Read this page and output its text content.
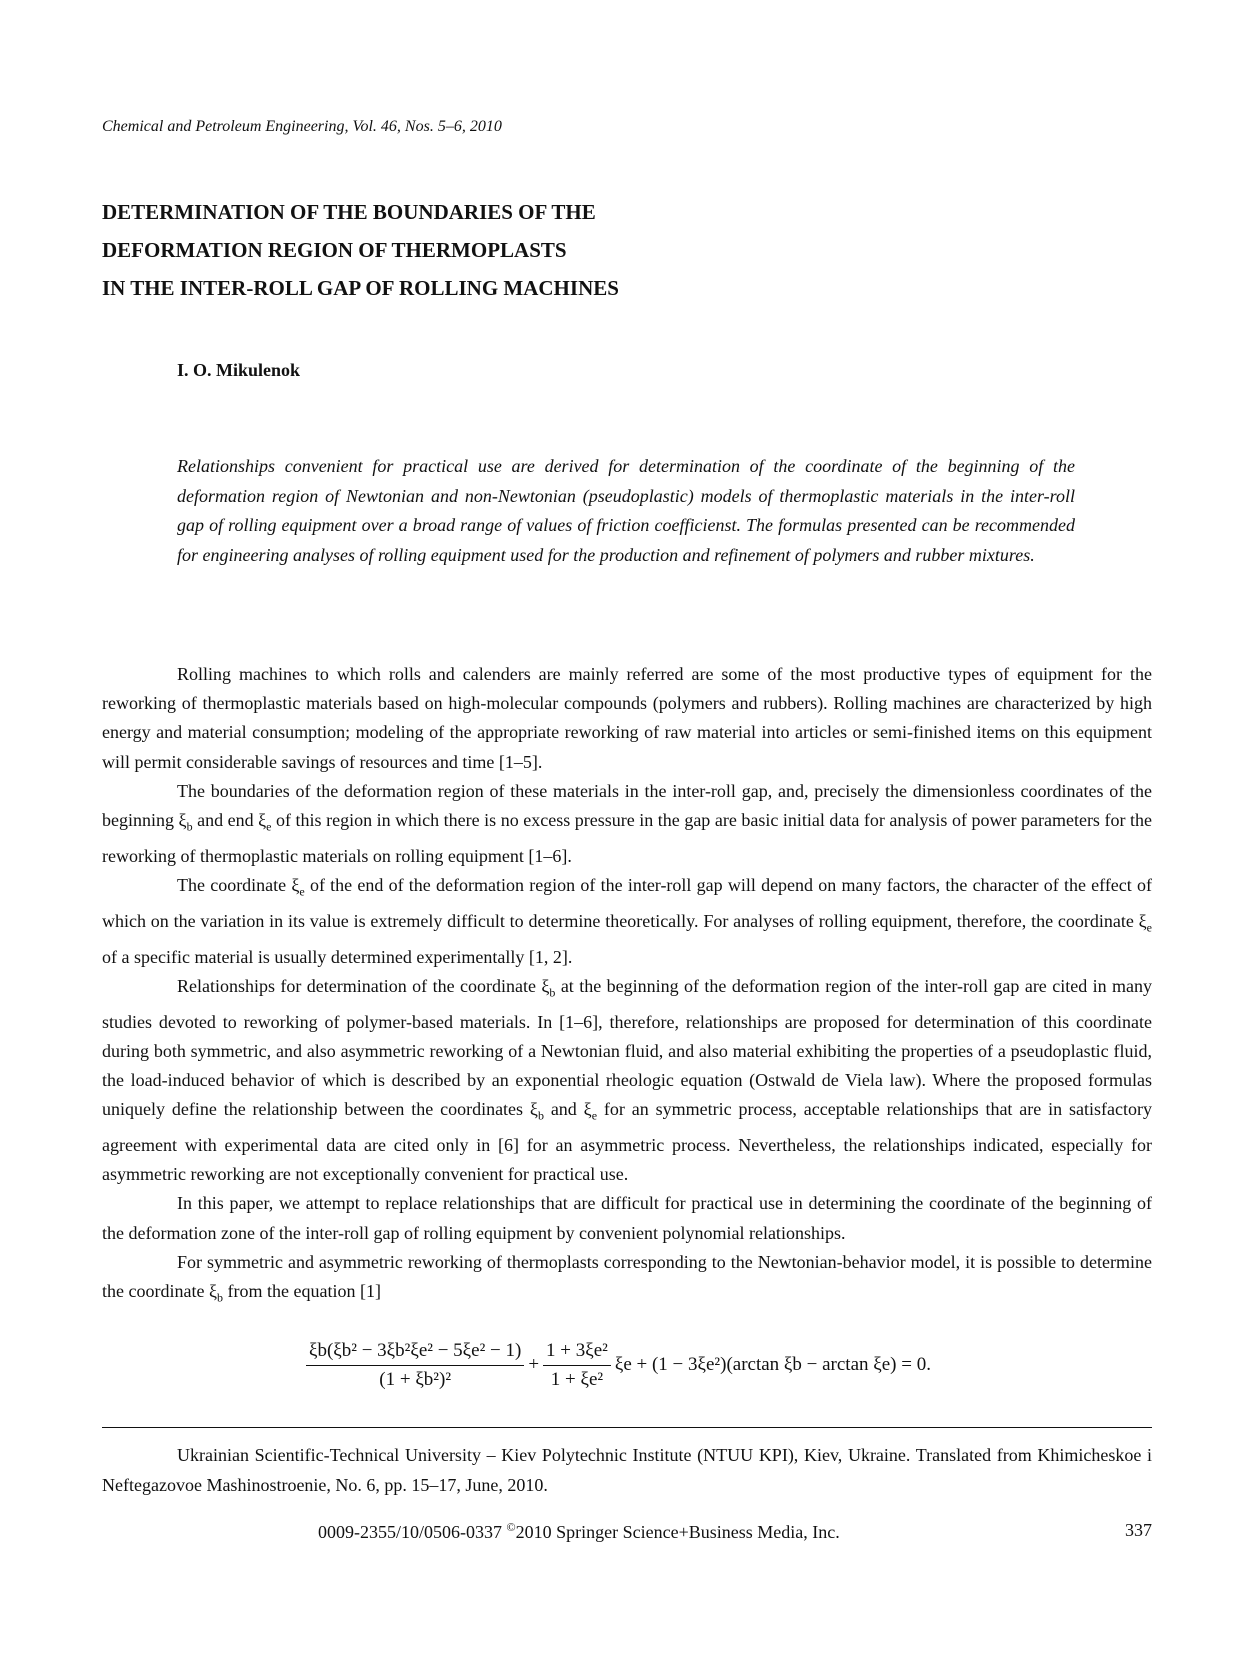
Chemical and Petroleum Engineering, Vol. 46, Nos. 5–6, 2010
DETERMINATION OF THE BOUNDARIES OF THE
DEFORMATION REGION OF THERMOPLASTS
IN THE INTER-ROLL GAP OF ROLLING MACHINES
I. O. Mikulenok
Relationships convenient for practical use are derived for determination of the coordinate of the beginning of the deformation region of Newtonian and non-Newtonian (pseudoplastic) models of thermoplastic materials in the inter-roll gap of rolling equipment over a broad range of values of friction coefficienst. The formulas presented can be recommended for engineering analyses of rolling equipment used for the production and refinement of polymers and rubber mixtures.

Rolling machines to which rolls and calenders are mainly referred are some of the most productive types of equipment for the reworking of thermoplastic materials based on high-molecular compounds (polymers and rubbers). Rolling machines are characterized by high energy and material consumption; modeling of the appropriate reworking of raw material into articles or semi-finished items on this equipment will permit considerable savings of resources and time [1–5].

The boundaries of the deformation region of these materials in the inter-roll gap, and, precisely the dimensionless coordinates of the beginning $\xi_b$ and end $\xi_e$ of this region in which there is no excess pressure in the gap are basic initial data for analysis of power parameters for the reworking of thermoplastic materials on rolling equipment [1–6].

The coordinate $\xi_e$ of the end of the deformation region of the inter-roll gap will depend on many factors, the character of the effect of which on the variation in its value is extremely difficult to determine theoretically. For analyses of rolling equipment, therefore, the coordinate $\xi_e$ of a specific material is usually determined experimentally [1, 2].

Relationships for determination of the coordinate $\xi_b$ at the beginning of the deformation region of the inter-roll gap are cited in many studies devoted to reworking of polymer-based materials. In [1–6], therefore, relationships are proposed for determination of this coordinate during both symmetric, and also asymmetric reworking of a Newtonian fluid, and also material exhibiting the properties of a pseudoplastic fluid, the load-induced behavior of which is described by an exponential rheologic equation (Ostwald de Viela law). Where the proposed formulas uniquely define the relationship between the coordinates $\xi_b$ and $\xi_e$ for an symmetric process, acceptable relationships that are in satisfactory agreement with experimental data are cited only in [6] for an asymmetric process. Nevertheless, the relationships indicated, especially for asymmetric reworking are not exceptionally convenient for practical use.

In this paper, we attempt to replace relationships that are difficult for practical use in determining the coordinate of the beginning of the deformation zone of the inter-roll gap of rolling equipment by convenient polynomial relationships.

For symmetric and asymmetric reworking of thermoplasts corresponding to the Newtonian-behavior model, it is possible to determine the coordinate $\xi_b$ from the equation [1]

$\frac{\text{ξb(ξb² − 3ξb²ξe² − 5ξe² − 1)}}{\text{(1 + ξb²)²}} + \frac{\text{1 + 3ξe²}}{\text{1 + ξe²}}$ ξe + (1 − 3ξe²)(arctan ξb − arctan ξe) = 0.

Ukrainian Scientific-Technical University – Kiev Polytechnic Institute (NTUU KPI), Kiev, Ukraine. Translated from Khimicheskoe i Neftegazovoe Mashinostroenie, No. 6, pp. 15–17, June, 2010.

0009-2355/10/0506-0337 ©2010 Springer Science+Business Media, Inc.	337
